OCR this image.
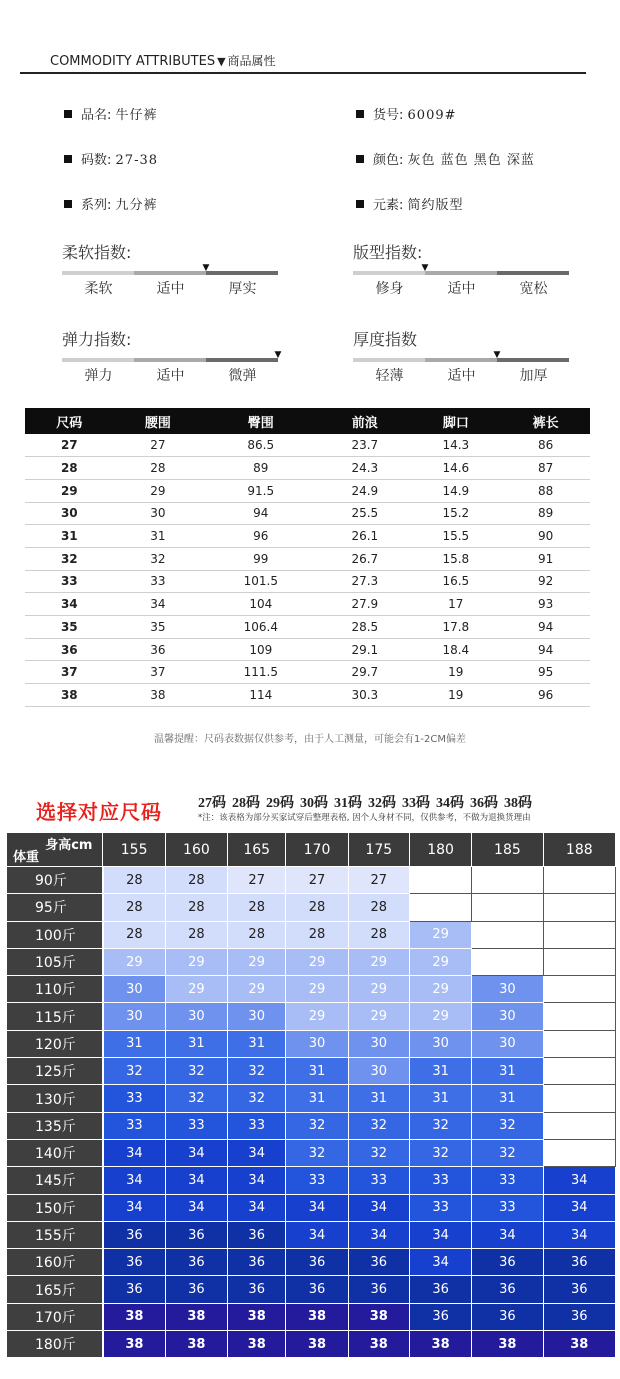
COMMODITY ATTRIBUTES ▼ 商品属性
品名: 牛仔裤	货号: 6009#
码数: 27-38	颜色: 灰色 蓝色 黑色 深蓝
系列: 九分裤	元素: 简约版型
柔软指数:
▼
柔软	适中	厚实
版型指数:
▼
修身	适中	宽松
弹力指数:
▼
弹力	适中	微弹
厚度指数
▼
轻薄	适中	加厚
尺码	腰围	臀围	前浪	脚口	裤长
27	27	86.5	23.7	14.3	86
28	28	89	24.3	14.6	87
29	29	91.5	24.9	14.9	88
30	30	94	25.5	15.2	89
31	31	96	26.1	15.5	90
32	32	99	26.7	15.8	91
33	33	101.5	27.3	16.5	92
34	34	104	27.9	17	93
35	35	106.4	28.5	17.8	94
36	36	109	29.1	18.4	94
37	37	111.5	29.7	19	95
38	38	114	30.3	19	96
温馨提醒：尺码表数据仅供参考，由于人工测量，可能会有1-2CM偏差
选择对应尺码	27码 28码 29码 30码 31码 32码 33码 34码 36码 38码
*注：该表格为部分买家试穿后整理表格, 因个人身材不同，仅供参考，不做为退换货理由
身高cm
体重	155	160	165	170	175	180	185	188
90斤	28	28	27	27	27			
95斤	28	28	28	28	28			
100斤	28	28	28	28	28	29		
105斤	29	29	29	29	29	29		
110斤	30	29	29	29	29	29	30	
115斤	30	30	30	29	29	29	30	
120斤	31	31	31	30	30	30	30	
125斤	32	32	32	31	30	31	31	
130斤	33	32	32	31	31	31	31	
135斤	33	33	33	32	32	32	32	
140斤	34	34	34	32	32	32	32	
145斤	34	34	34	33	33	33	33	34
150斤	34	34	34	34	34	33	33	34
155斤	36	36	36	34	34	34	34	34
160斤	36	36	36	36	36	34	36	36
165斤	36	36	36	36	36	36	36	36
170斤	38	38	38	38	38	36	36	36
180斤	38	38	38	38	38	38	38	38
